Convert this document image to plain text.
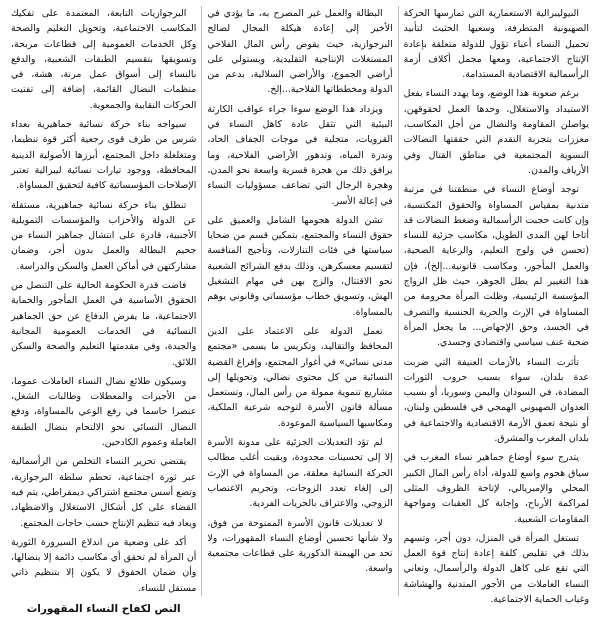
النيوليبرالية الاستعمارية التي تمارسها الحركة الصهيونية المتطرفة، وسعيها الحثيث لتأبيد تحميل النساء أعباء تؤول للدولة متعلقة بإعادة الإنتاج الاجتماعية، ومعها مجمل أكلاف أزمة الرأسمالية الاقتصادية المستدامة.

برغم صعوبة هذا الوضع، وما يهدد النساء بفعل الاستبداد والاستغلال، وحدها العمل لحقوقهن، يواصلن المقاومة والنضال من أجل المكاسب، معززات بتجربة التقدم التي حققتها النضالات النسوية المجتمعية في مناطق القتال وفي الأرياف والمدن.

توجد أوضاع النساء في منطقتنا في مرتبة متدنية بمقياس المساواة والحقوق المكتسبة، وإن كانت حجبت الرأسمالية وضغط النضالات قد أتاحا لهن المدى الطويل، مكاسب جزئية للنساء (تحسن في ولوج التعليم، والرعاية الصحية، والعمل المأجور، ومكاسب قانونية...إلخ)، فإن هذا التغيير لم يطل الجوهر، حيث ظل الزواج المؤسسة الرئيسية، وظلت المرأة محرومة من المساواة في الإرث والحرية الجنسية والتصرف في الجسد، وحق الإجهاض... ما يجعل المرأة ضحية عنف سياسي واقتصادي وجسدي.

تأثرت النساء بالأزمات العنيفة التي ضربت عدة بلدان، سواء بسبب حروب الثورات المضادة، في السودان واليمن وسوريا، أو بسبب العدوان الصهيوني الهمجي في فلسطين ولبنان، أو نتيجة تعمق الأزمة الاقتصادية والاجتماعية في بلدان المغرب والمشرق.

يتدرج سوء أوضاع جماهير نساء المغرب في سياق هجوم واسع للدولة، أداة رأس المال الكبير المحلي والإمبريالي، لإتاحة الظروف المثلى لمراكمة الأرباح، وإجابة كل العقبات ومواجهة المقاومات الشعبية.

تستغل المرأة في المنزل، دون أجر، وتسهم بذلك في تقليص كلفة إعادة إنتاج قوة العمل التي تقع على كاهل الدولة والرأسمال، وتعاني النساء العاملات من الأجور المتدنية والهشاشة وغياب الحماية الاجتماعية.

البطالة والعمل غير المصرح به، ما يؤدي في الأخير إلى إعادة هيكلة المجال لصالح البرجوازية، حيث يقوض رأس المال الفلاحي المستغلات الإنتاجية التقليدية، ويستولي على أراضي الجموع، والأراضي السلالية، بدعم من الدولة ومخططاتها الفلاحية...إلخ.

ويزداد هذا الوضع سوءا جراء عواقب الكارثة البيئية التي تثقل عادة كاهل النساء في القرويات، متجلية في موجات الجفاف الحاد، وندرة المياه، وتدهور الأراضي الفلاحية، وما يرافق ذلك من هجرة قسرية واسعة نحو المدن، وهجرة الرجال التي تضاعف مسؤوليات النساء في إعالة الأسر.

تشن الدولة هجومها الشامل والعميق على حقوق النساء والمجتمع، بتمكين قسم من ضحايا سياستها في فئات التنازلات، وتأجيج المنافسة لتقسيم معسكرهن، وذلك بدفع الشرائح الشعبية نحو الاقتتال، والزج بهن في مهام التشغيل الهش، وتسويق خطاب مؤسساتي وقانوني يوهم بالمساواة.

تعمل الدولة على الاعتماد على الدين المحافظ والتقاليد، وتكريس ما يسمى «مجتمع مدني نسائي» في أغوار المجتمع، وإفراغ القضية النسائية من كل محتوى نضالي، وتحويلها إلى مشاريع تنموية ممولة من رأس المال، وتستعمل مسألة قانون الأسرة لتوجيه شرعية الملكية، ومكاسبها السياسية الموعودة.

لم تؤد التعديلات الجزئية على مدونة الأسرة إلا إلى تحسينات محدودة، وبقيت أغلب مطالب الحركة النسائية معلقة، من المساواة في الإرث إلى إلغاء تعدد الزوجات، وتجريم الاغتصاب الزوجي، والاعتراف بالحريات الفردية.

لا تعديلات قانون الأسرة الممنوحة من فوق، ولا شأنها تحسين أوضاع النساء المقهورات، ولا تحد من الهيمنة الذكورية على قطاعات مجتمعية واسعة.

البرجوازيات التابعة، المعتمدة على تفكيك المكاسب الاجتماعية، وتحويل التعليم والصحة وكل الخدمات العمومية إلى قطاعات مربحة، وتسويقها بتقسيم الطبقات الشعبية، والدفع بالنساء إلى أسواق عمل مرنة، هشة، في منظمات النضال القائمة، إضافة إلى تفتيت الحركات النقابية والجمعوية.

سيواجه بناء حركة نسائية جماهيرية بعداء شرس من طرف قوى رجعية أكثر قوة تنظيما، ومتغلغلة داخل المجتمع، أبرزها الأصولية الدينية المحافظة، ووجود تيارات نسائية ليبرالية تعتبر الإصلاحات المؤسساتية كافية لتحقيق المساواة.

تنطلق بناء حركة نسائية جماهيرية، مستقلة عن الدولة والأحزاب والمؤسسات التمويلية الأجنبية، قادرة على انتشال جماهير النساء من جحيم البطالة والعمل بدون أجر، وضمان مشاركتهن في أماكن العمل والسكن والدراسة.

فاضت قدرة الحكومة الحالية على التنصل من الحقوق الأساسية في العمل المأجور والحماية الاجتماعية، ما يفرض الدفاع عن حق الجماهير النسائية في الخدمات العمومية المجانية والجيدة، وفي مقدمتها التعليم والصحة والسكن اللائق.

وسيكون طلائع نضال النساء العاملات عموما، من الأجيرات والمعطلات وطالبات الشغل، عنصرا حاسما في رفع الوعي بالمساواة، ودفع النضال النسائي نحو الالتحام بنضال الطبقة العاملة وعموم الكادحين.

يقتضي تحرير النساء التخلص من الرأسمالية عبر ثورة اجتماعية، تحطم سلطة البرجوازية، وتضع أسس مجتمع اشتراكي ديمقراطي، يتم فيه القضاء على كل أشكال الاستغلال والاضطهاد، ويعاد فيه تنظيم الإنتاج حسب حاجات المجتمع.

أكد على وضعية من اندلاع السيرورة الثورية أن المرأة لم تحقق أي مكاسب دائمة إلا بنضالها، وأن ضمان الحقوق لا يكون إلا بتنظيم ذاتي مستقل للنساء.

النص لكفاح النساء المقهورات
